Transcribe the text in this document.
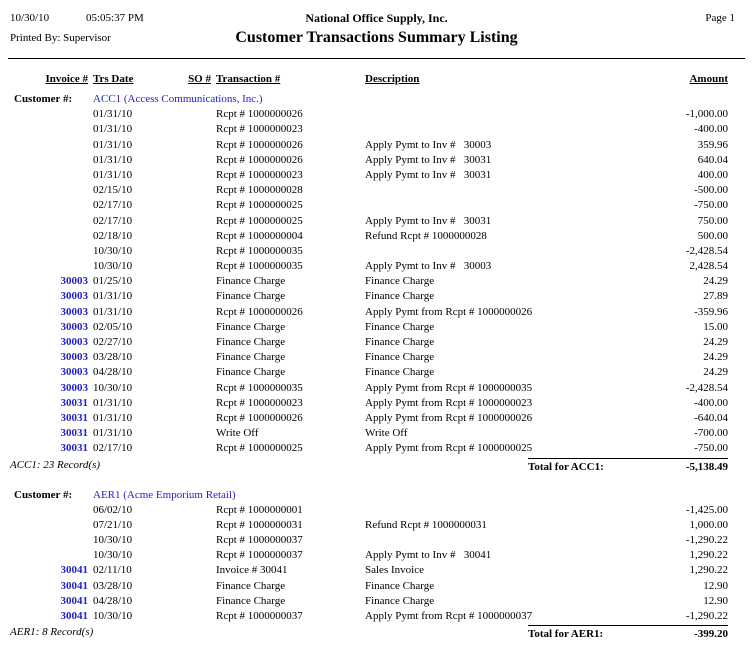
10/30/10	05:05:37 PM	National Office Supply, Inc.	Page 1
Printed By: Supervisor	Customer Transactions Summary Listing
Invoice # Trs Date	SO # Transaction #	Description	Amount
Customer #:	ACC1 (Access Communications, Inc.)
01/31/10	Rcpt # 1000000026	-1,000.00
01/31/10	Rcpt # 1000000023	-400.00
01/31/10	Rcpt # 1000000026	Apply Pymt to Inv #   30003	359.96
01/31/10	Rcpt # 1000000026	Apply Pymt to Inv #   30031	640.04
01/31/10	Rcpt # 1000000023	Apply Pymt to Inv #   30031	400.00
02/15/10	Rcpt # 1000000028	-500.00
02/17/10	Rcpt # 1000000025	-750.00
02/17/10	Rcpt # 1000000025	Apply Pymt to Inv #   30031	750.00
02/18/10	Rcpt # 1000000004	Refund Rcpt # 1000000028	500.00
10/30/10	Rcpt # 1000000035	-2,428.54
10/30/10	Rcpt # 1000000035	Apply Pymt to Inv #   30003	2,428.54
30003 01/25/10	Finance Charge	Finance Charge	24.29
30003 01/31/10	Finance Charge	Finance Charge	27.89
30003 01/31/10	Rcpt # 1000000026	Apply Pymt from Rcpt # 1000000026	-359.96
30003 02/05/10	Finance Charge	Finance Charge	15.00
30003 02/27/10	Finance Charge	Finance Charge	24.29
30003 03/28/10	Finance Charge	Finance Charge	24.29
30003 04/28/10	Finance Charge	Finance Charge	24.29
30003 10/30/10	Rcpt # 1000000035	Apply Pymt from Rcpt # 1000000035	-2,428.54
30031 01/31/10	Rcpt # 1000000023	Apply Pymt from Rcpt # 1000000023	-400.00
30031 01/31/10	Rcpt # 1000000026	Apply Pymt from Rcpt # 1000000026	-640.04
30031 01/31/10	Write Off	Write Off	-700.00
30031 02/17/10	Rcpt # 1000000025	Apply Pymt from Rcpt # 1000000025	-750.00
ACC1: 23 Record(s)	Total for ACC1:	-5,138.49
Customer #:	AER1 (Acme Emporium Retail)
06/02/10	Rcpt # 1000000001	-1,425.00
07/21/10	Rcpt # 1000000031	Refund Rcpt # 1000000031	1,000.00
10/30/10	Rcpt # 1000000037	-1,290.22
10/30/10	Rcpt # 1000000037	Apply Pymt to Inv #   30041	1,290.22
30041 02/11/10	Invoice # 30041	Sales Invoice	1,290.22
30041 03/28/10	Finance Charge	Finance Charge	12.90
30041 04/28/10	Finance Charge	Finance Charge	12.90
30041 10/30/10	Rcpt # 1000000037	Apply Pymt from Rcpt # 1000000037	-1,290.22
AER1: 8 Record(s)	Total for AER1:	-399.20
